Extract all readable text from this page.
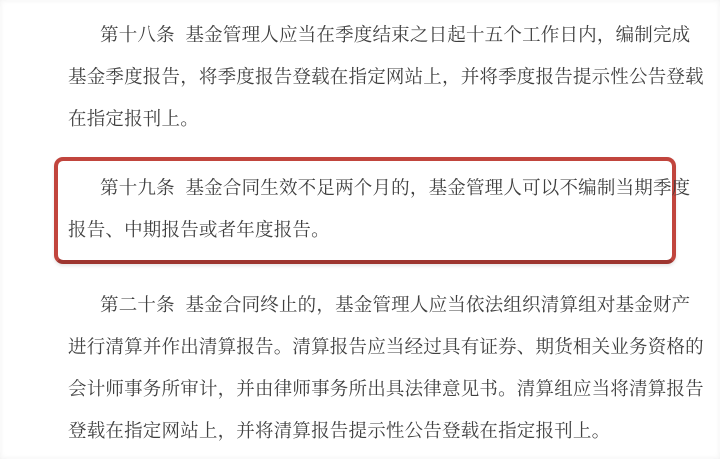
第十八条  基金管理人应当在季度结束之日起十五个工作日内，编制完成
基金季度报告，将季度报告登载在指定网站上，并将季度报告提示性公告登载
在指定报刊上。
第十九条  基金合同生效不足两个月的，基金管理人可以不编制当期季度
报告、中期报告或者年度报告。
第二十条  基金合同终止的，基金管理人应当依法组织清算组对基金财产
进行清算并作出清算报告。清算报告应当经过具有证券、期货相关业务资格的
会计师事务所审计，并由律师事务所出具法律意见书。清算组应当将清算报告
登载在指定网站上，并将清算报告提示性公告登载在指定报刊上。
